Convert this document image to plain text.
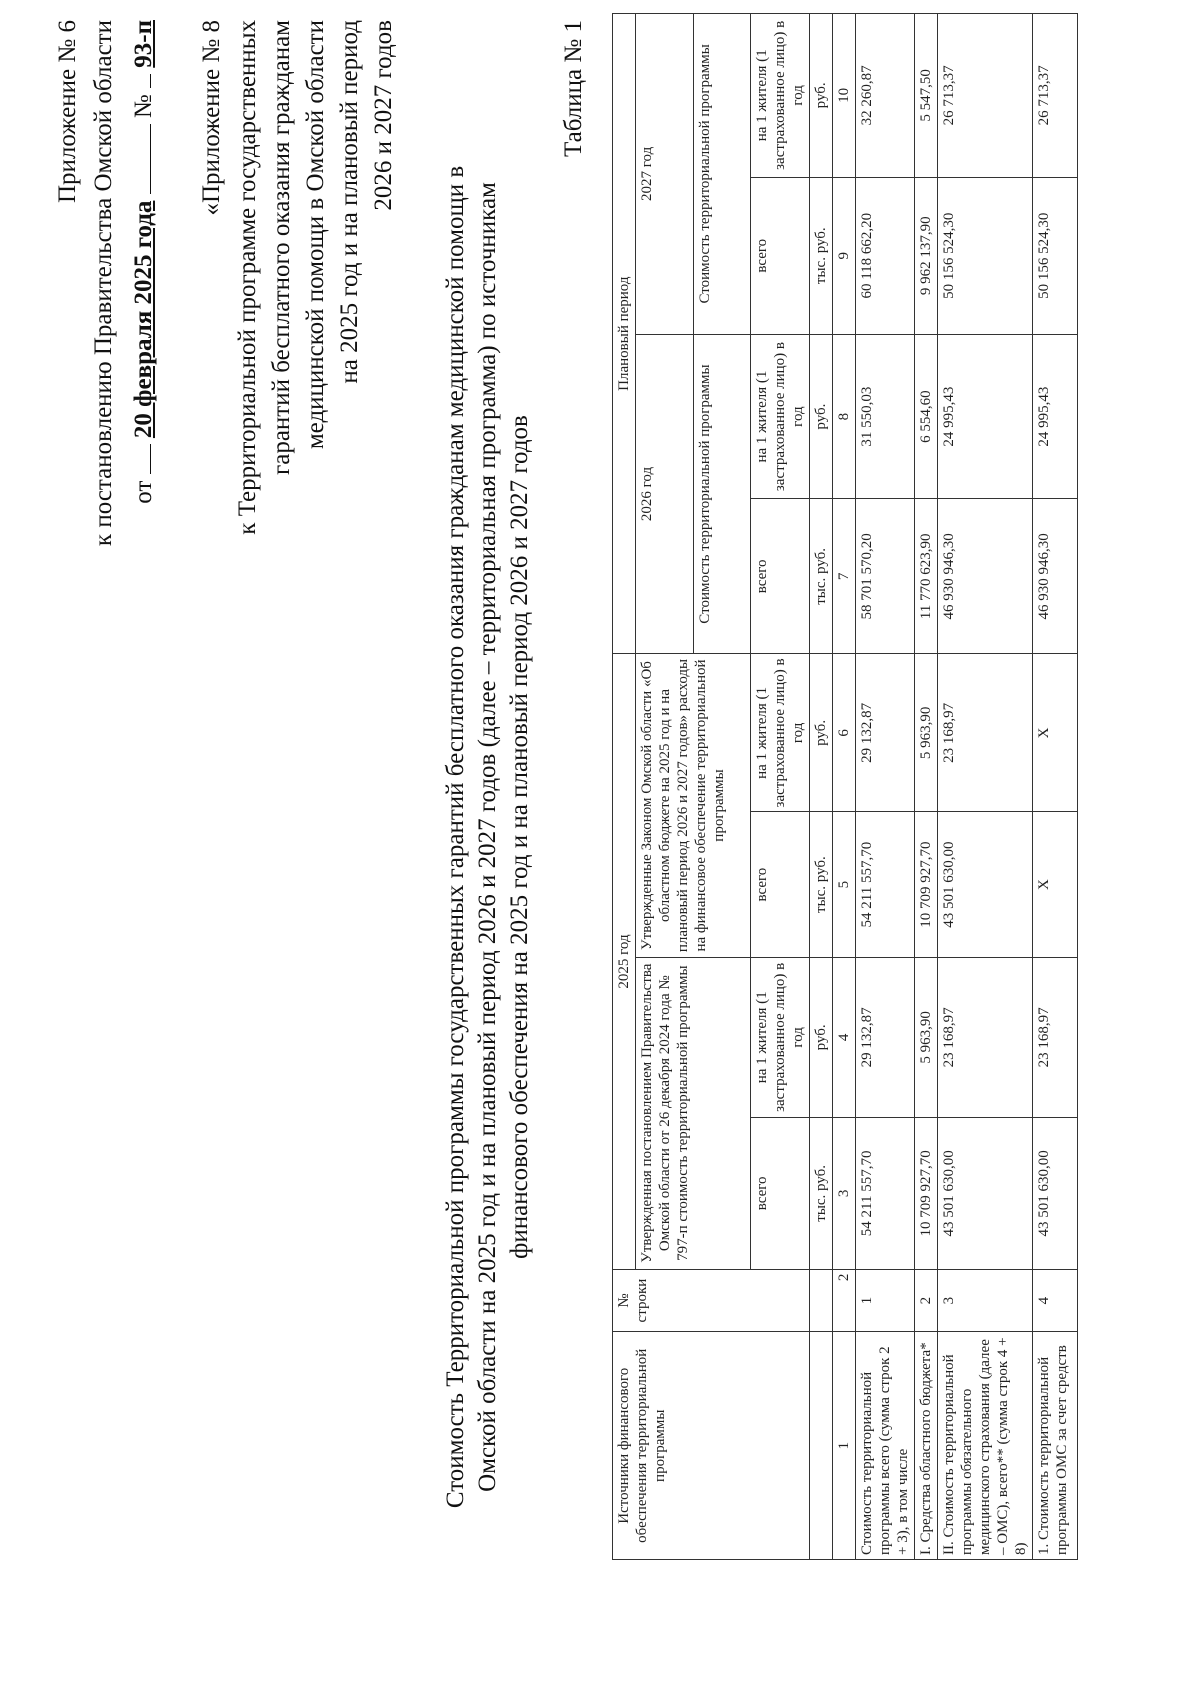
Приложение № 6 к постановлению Правительства Омской области от  20 февраля 2025 года  №  93-п «Приложение № 8 к Территориальной программе государственных гарантий бесплатного оказания гражданам медицинской помощи в Омской области на 2025 год и на плановый период 2026 и 2027 годов
Стоимость Территориальной программы государственных гарантий бесплатного оказания гражданам медицинской помощи в Омской области на 2025 год и на плановый период 2026 и 2027 годов (далее – территориальная программа) по источникам финансового обеспечения на 2025 год и на плановый период 2026 и 2027 годов
Таблица № 1
Источники финансового обеспечения территориальной программы	№ строки	2025 год				Плановый период			
		Утвержденная постановлением Правительства Омской области от 26 декабря 2024 года № 797-п стоимость территориальной программы		Утвержденные Законом Омской области «Об областном бюджете на 2025 год и на плановый период 2026 и 2027 годов» расходы на финансовое обеспечение территориальной программы		2026 год		2027 год	
						Стоимость территориальной программы		Стоимость территориальной программы	
		всего	на 1 жителя (1 застрахованное лицо) в год	всего	на 1 жителя (1 застрахованное лицо) в год	всего	на 1 жителя (1 застрахованное лицо) в год	всего	на 1 жителя (1 застрахованное лицо) в год
		тыс. руб.	руб.	тыс. руб.	руб.	тыс. руб.	руб.	тыс. руб.	руб.
1	2	3	4	5	6	7	8	9	10
Стоимость территориальной программы всего (сумма строк 2 + 3), в том числе	1	54 211 557,70	29 132,87	54 211 557,70	29 132,87	58 701 570,20	31 550,03	60 118 662,20	32 260,87
I. Средства областного бюджета*	2	10 709 927,70	5 963,90	10 709 927,70	5 963,90	11 770 623,90	6 554,60	9 962 137,90	5 547,50
II. Стоимость территориальной программы обязательного медицинского страхования (далее – ОМС), всего** (сумма строк 4 + 8)	3	43 501 630,00	23 168,97	43 501 630,00	23 168,97	46 930 946,30	24 995,43	50 156 524,30	26 713,37
1. Стоимость территориальной программы ОМС за счет средств	4	43 501 630,00	23 168,97	X	X	46 930 946,30	24 995,43	50 156 524,30	26 713,37
